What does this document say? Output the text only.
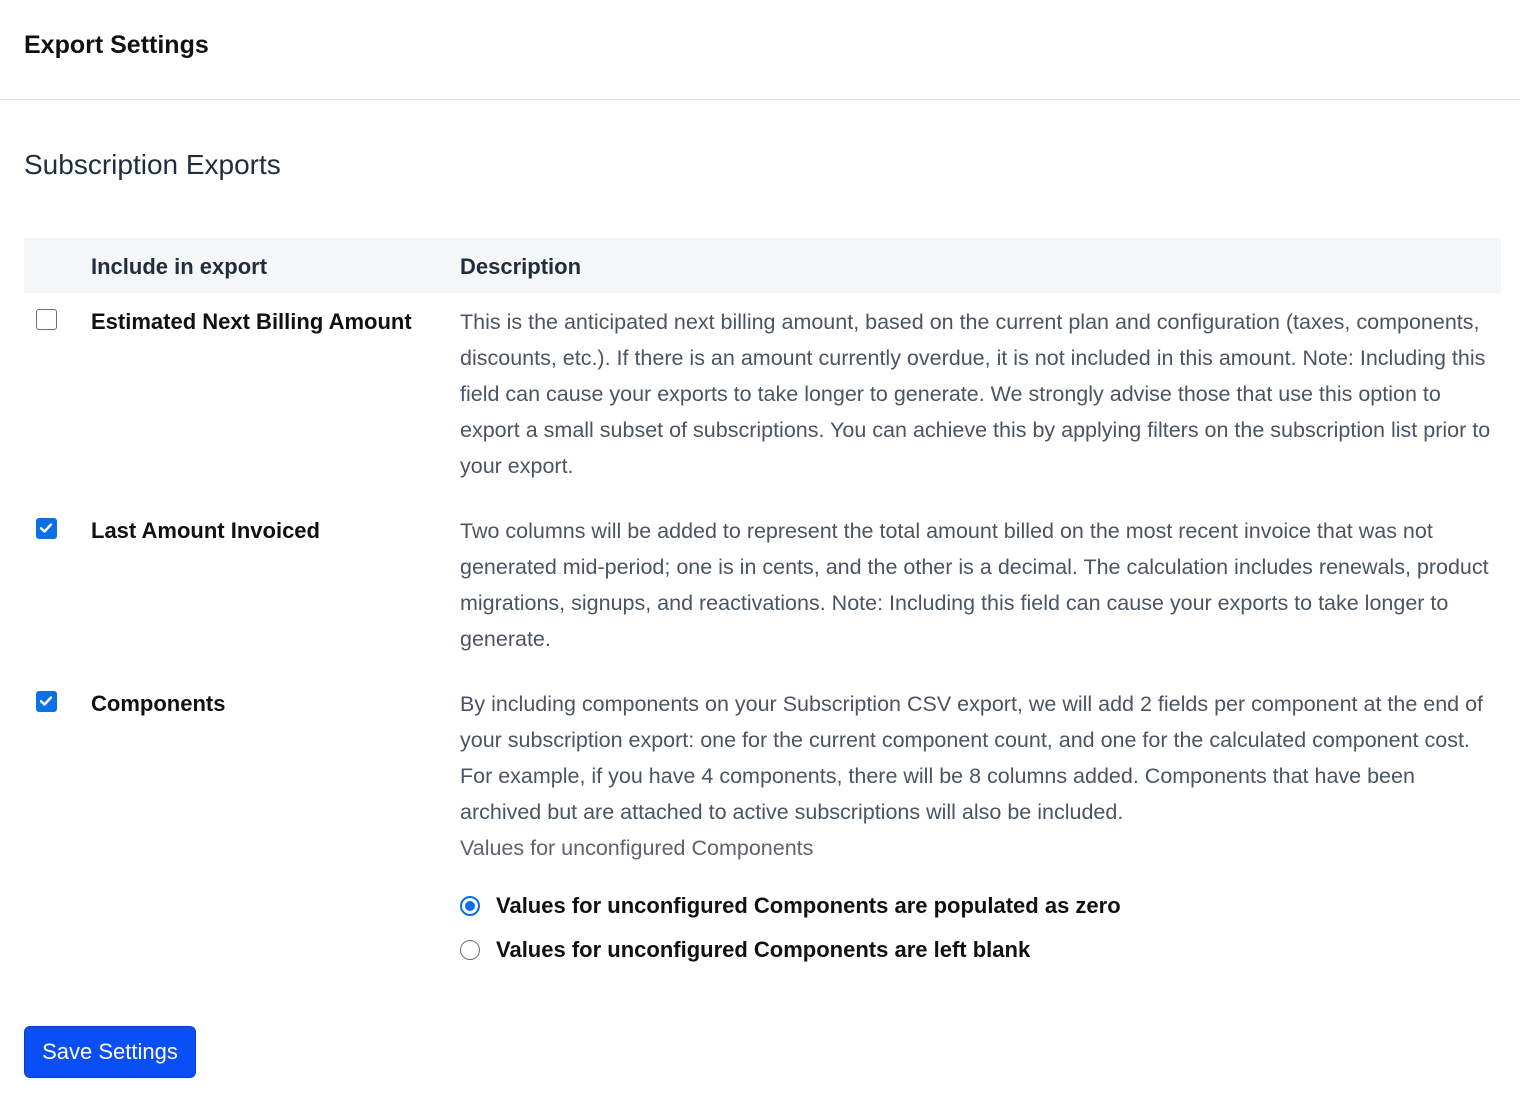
Export Settings
Subscription Exports
	Include in export	Description

	Estimated Next Billing Amount	This is the anticipated next billing amount, based on the current plan and configuration (taxes, components, discounts, etc.). If there is an amount currently overdue, it is not included in this amount. Note: Including this field can cause your exports to take longer to generate. We strongly advise those that use this option to export a small subset of subscriptions. You can achieve this by applying filters on the subscription list prior to your export.

	Last Amount Invoiced	Two columns will be added to represent the total amount billed on the most recent invoice that was not generated mid-period; one is in cents, and the other is a decimal. The calculation includes renewals, product migrations, signups, and reactivations. Note: Including this field can cause your exports to take longer to generate.

	Components	By including components on your Subscription CSV export, we will add 2 fields per component at the end of your subscription export: one for the current component count, and one for the calculated component cost. For example, if you have 4 components, there will be 8 columns added. Components that have been archived but are attached to active subscriptions will also be included.
Values for unconfigured Components
Values for unconfigured Components are populated as zero
Values for unconfigured Components are left blank
Save Settings
